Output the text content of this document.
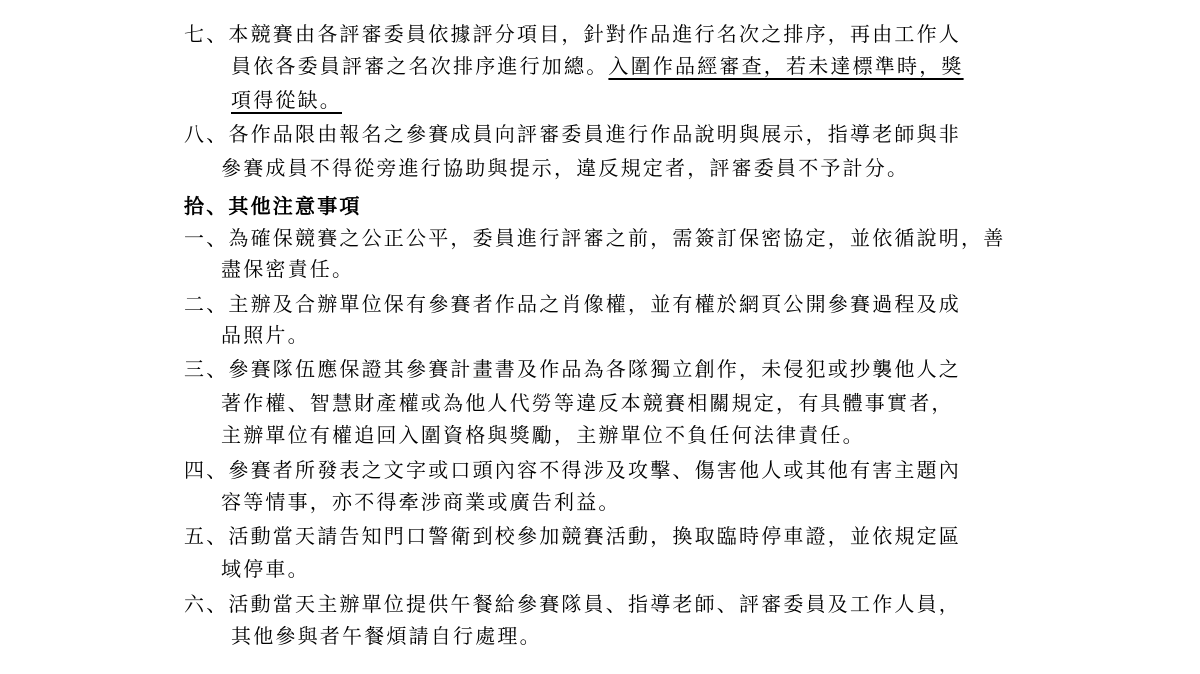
七、本競賽由各評審委員依據評分項目，針對作品進行名次之排序，再由工作人
員依各委員評審之名次排序進行加總。入圍作品經審查，若未達標準時，獎
項得從缺。
八、各作品限由報名之參賽成員向評審委員進行作品說明與展示，指導老師與非
參賽成員不得從旁進行協助與提示，違反規定者，評審委員不予計分。
拾、其他注意事項
一、為確保競賽之公正公平，委員進行評審之前，需簽訂保密協定，並依循說明，善
盡保密責任。
二、主辦及合辦單位保有參賽者作品之肖像權，並有權於網頁公開參賽過程及成
品照片。
三、參賽隊伍應保證其參賽計畫書及作品為各隊獨立創作，未侵犯或抄襲他人之
著作權、智慧財產權或為他人代勞等違反本競賽相關規定，有具體事實者，
主辦單位有權追回入圍資格與獎勵，主辦單位不負任何法律責任。
四、參賽者所發表之文字或口頭內容不得涉及攻擊、傷害他人或其他有害主題內
容等情事，亦不得牽涉商業或廣告利益。
五、活動當天請告知門口警衛到校參加競賽活動，換取臨時停車證，並依規定區
域停車。
六、活動當天主辦單位提供午餐給參賽隊員、指導老師、評審委員及工作人員，
其他參與者午餐煩請自行處理。
